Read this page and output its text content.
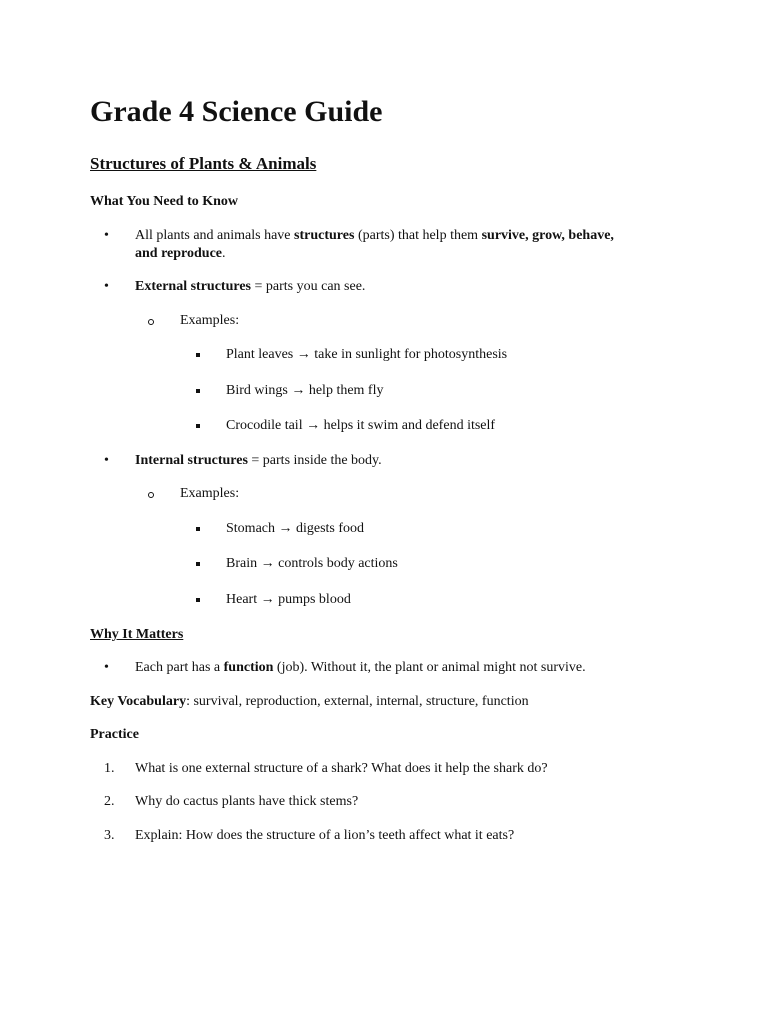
Grade 4 Science Guide
Structures of Plants & Animals
What You Need to Know
• All plants and animals have structures (parts) that help them survive, grow, behave,
and reproduce.
• External structures = parts you can see.
Examples:
Plant leaves → take in sunlight for photosynthesis
Bird wings → help them fly
Crocodile tail → helps it swim and defend itself
• Internal structures = parts inside the body.
Examples:
Stomach → digests food
Brain → controls body actions
Heart → pumps blood
Why It Matters
• Each part has a function (job). Without it, the plant or animal might not survive.
Key Vocabulary: survival, reproduction, external, internal, structure, function
Practice
1. What is one external structure of a shark? What does it help the shark do?
2. Why do cactus plants have thick stems?
3. Explain: How does the structure of a lion’s teeth affect what it eats?
